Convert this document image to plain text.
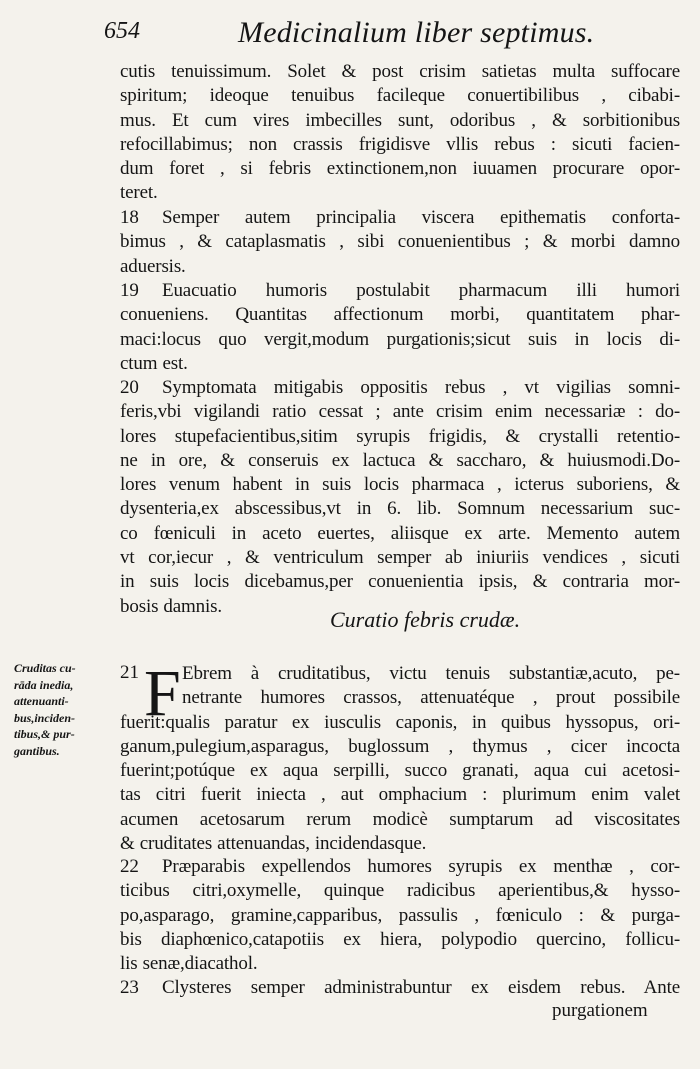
654	Medicinalium liber septimus.
cutis tenuissimum. Solet & post crisim satietas multa suffocare
spiritum; ideoque tenuibus facileque conuertibilibus , cibabi-
mus. Et cum vires imbecilles sunt, odoribus , & sorbitionibus
refocillabimus; non crassis frigidisve vllis rebus : sicuti facien-
dum foret , si febris extinctionem,non iuuamen procurare opor-
teret.
18 Semper autem principalia viscera epithematis conforta-
bimus , & cataplasmatis , sibi conuenientibus ; & morbi damno
aduersis.
19 Euacuatio humoris postulabit pharmacum illi humori
conueniens. Quantitas affectionum morbi, quantitatem phar-
maci:locus quo vergit,modum purgationis;sicut suis in locis di-
ctum est.
20 Symptomata mitigabis oppositis rebus , vt vigilias somni-
feris,vbi vigilandi ratio cessat ; ante crisim enim necessariæ : do-
lores stupefacientibus,sitim syrupis frigidis, & crystalli retentio-
ne in ore, & conseruis ex lactuca & saccharo, & huiusmodi.Do-
lores venum habent in suis locis pharmaca , icterus suboriens, &
dysenteria,ex abscessibus,vt in 6. lib. Somnum necessarium suc-
co fœniculi in aceto euertes, aliisque ex arte. Memento autem
vt cor,iecur , & ventriculum semper ab iniuriis vendices , sicuti
in suis locis dicebamus,per conuenientia ipsis, & contraria mor-
bosis damnis.
Curatio febris crudæ.
Cruditas cu-
rāda inedia,
attenuanti-
bus,inciden-
tibus,& pur-
gantibus.
21 F Ebrem à cruditatibus, victu tenuis substantiæ,acuto, pe-
netrante humores crassos, attenuatéque , prout possibile
fuerit:qualis paratur ex iusculis caponis, in quibus hyssopus, ori-
ganum,pulegium,asparagus, buglossum , thymus , cicer incocta
fuerint;potúque ex aqua serpilli, succo granati, aqua cui acetosi-
tas citri fuerit iniecta , aut omphacium : plurimum enim valet
acumen acetosarum rerum modicè sumptarum ad viscositates
& cruditates attenuandas, incidendasque.
22 Præparabis expellendos humores syrupis ex menthæ , cor-
ticibus citri,oxymelle, quinque radicibus aperientibus,& hysso-
po,asparago, gramine,capparibus, passulis , fœniculo : & purga-
bis diaphœnico,catapotiis ex hiera, polypodio quercino, follicu-
lis senæ,diacathol.
23 Clysteres semper administrabuntur ex eisdem rebus. Ante
purgationem
